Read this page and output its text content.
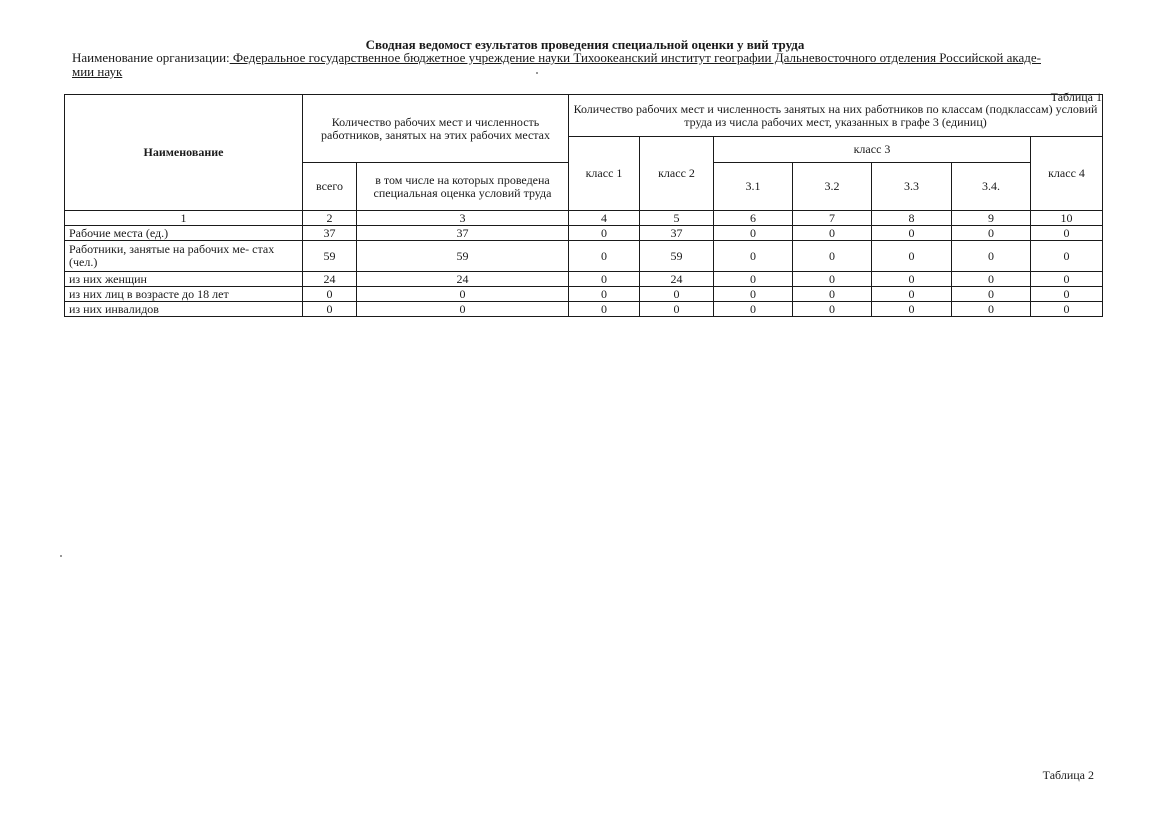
Сводная ведомост езультатов проведения специальной оценки у вий труда
Наименование организации: Федеральное государственное бюджетное учреждение науки Тихоокеанский институт географии Дальневосточного отделения Российской акаде-
мии наук
Таблица 1
Наименование	Количество рабочих мест и численность работников, занятых на этих рабочих местах		Количество рабочих мест и численность занятых на них работников по классам (подклассам) условий труда из числа рабочих мест, указанных в графе 3 (единиц)						
			класс 1	класс 2	класс 3				класс 4
	всего	в том числе на которых проведена специальная оценка условий труда			3.1	3.2	3.3	3.4.	
1	2	3	4	5	6	7	8	9	10
Рабочие места (ед.)	37	37	0	37	0	0	0	0	0
Работники, занятые на рабочих ме- стах (чел.)	59	59	0	59	0	0	0	0	0
из них женщин	24	24	0	24	0	0	0	0	0
из них лиц в возрасте до 18 лет	0	0	0	0	0	0	0	0	0
из них инвалидов	0	0	0	0	0	0	0	0	0
Таблица 2
